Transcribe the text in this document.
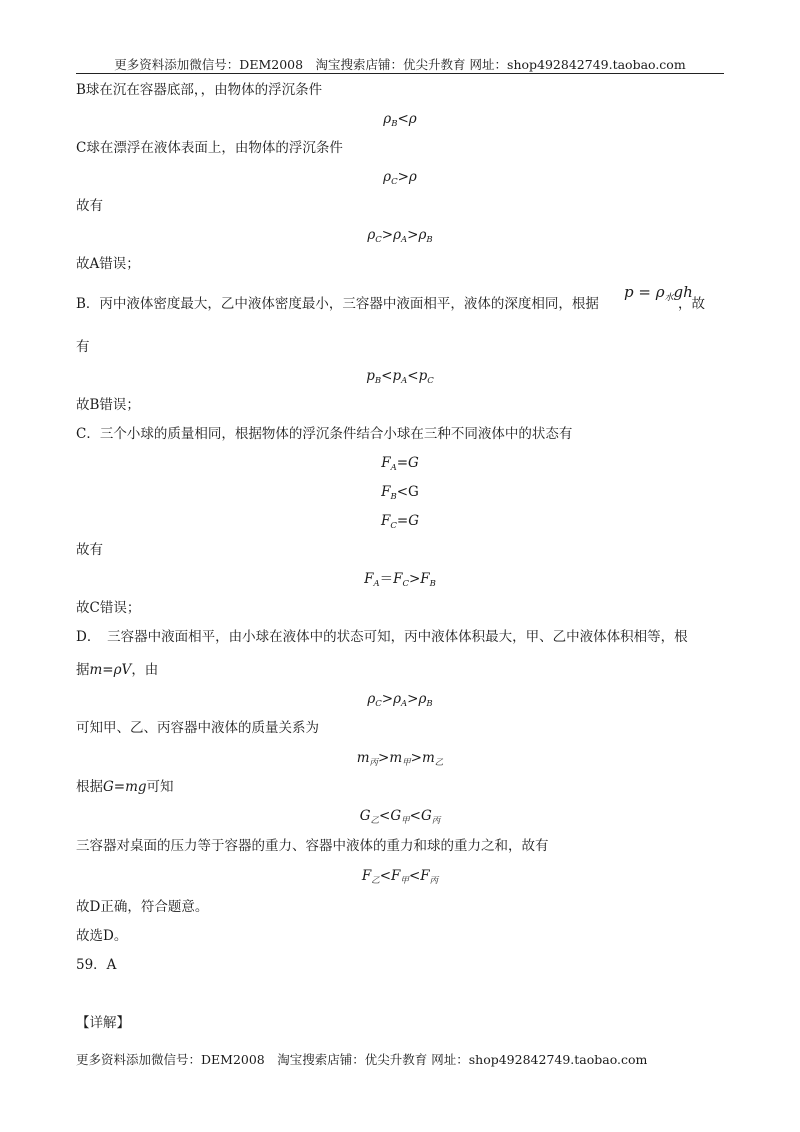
更多资料添加微信号：DEM2008　淘宝搜索店铺：优尖升教育 网址：shop492842749.taobao.com
B球在沉在容器底部，，由物体的浮沉条件
$\rho_B<\rho$
C球在漂浮在液体表面上，由物体的浮沉条件
$\rho_C>\rho$
故有
$\rho_C>\rho_A>\rho_B$
故A错误；
B．丙中液体密度最大，乙中液体密度最小，三容器中液面相平，液体的深度相同，根据
$p = \rho_水gh$
，故
有
$p_B<p_A<p_C$
故B错误；
C．三个小球的质量相同，根据物体的浮沉条件结合小球在三种不同液体中的状态有
$F_A=G$
$F_B<G$
$F_C=G$
故有
$F_A=F_C>F_B$
故C错误；
D．　三容器中液面相平，由小球在液体中的状态可知，丙中液体体积最大，甲、乙中液体体积相等，根
据m=ρV，由
$\rho_C>\rho_A>\rho_B$
可知甲、乙、丙容器中液体的质量关系为
$m_丙>m_甲>m_乙$
根据G=mg可知
$G_乙<G_甲<G_丙$
三容器对桌面的压力等于容器的重力、容器中液体的重力和球的重力之和，故有
$F_乙<F_甲<F_丙$
故D正确，符合题意。
故选D。
59．A
【详解】
更多资料添加微信号：DEM2008　淘宝搜索店铺：优尖升教育 网址：shop492842749.taobao.com
